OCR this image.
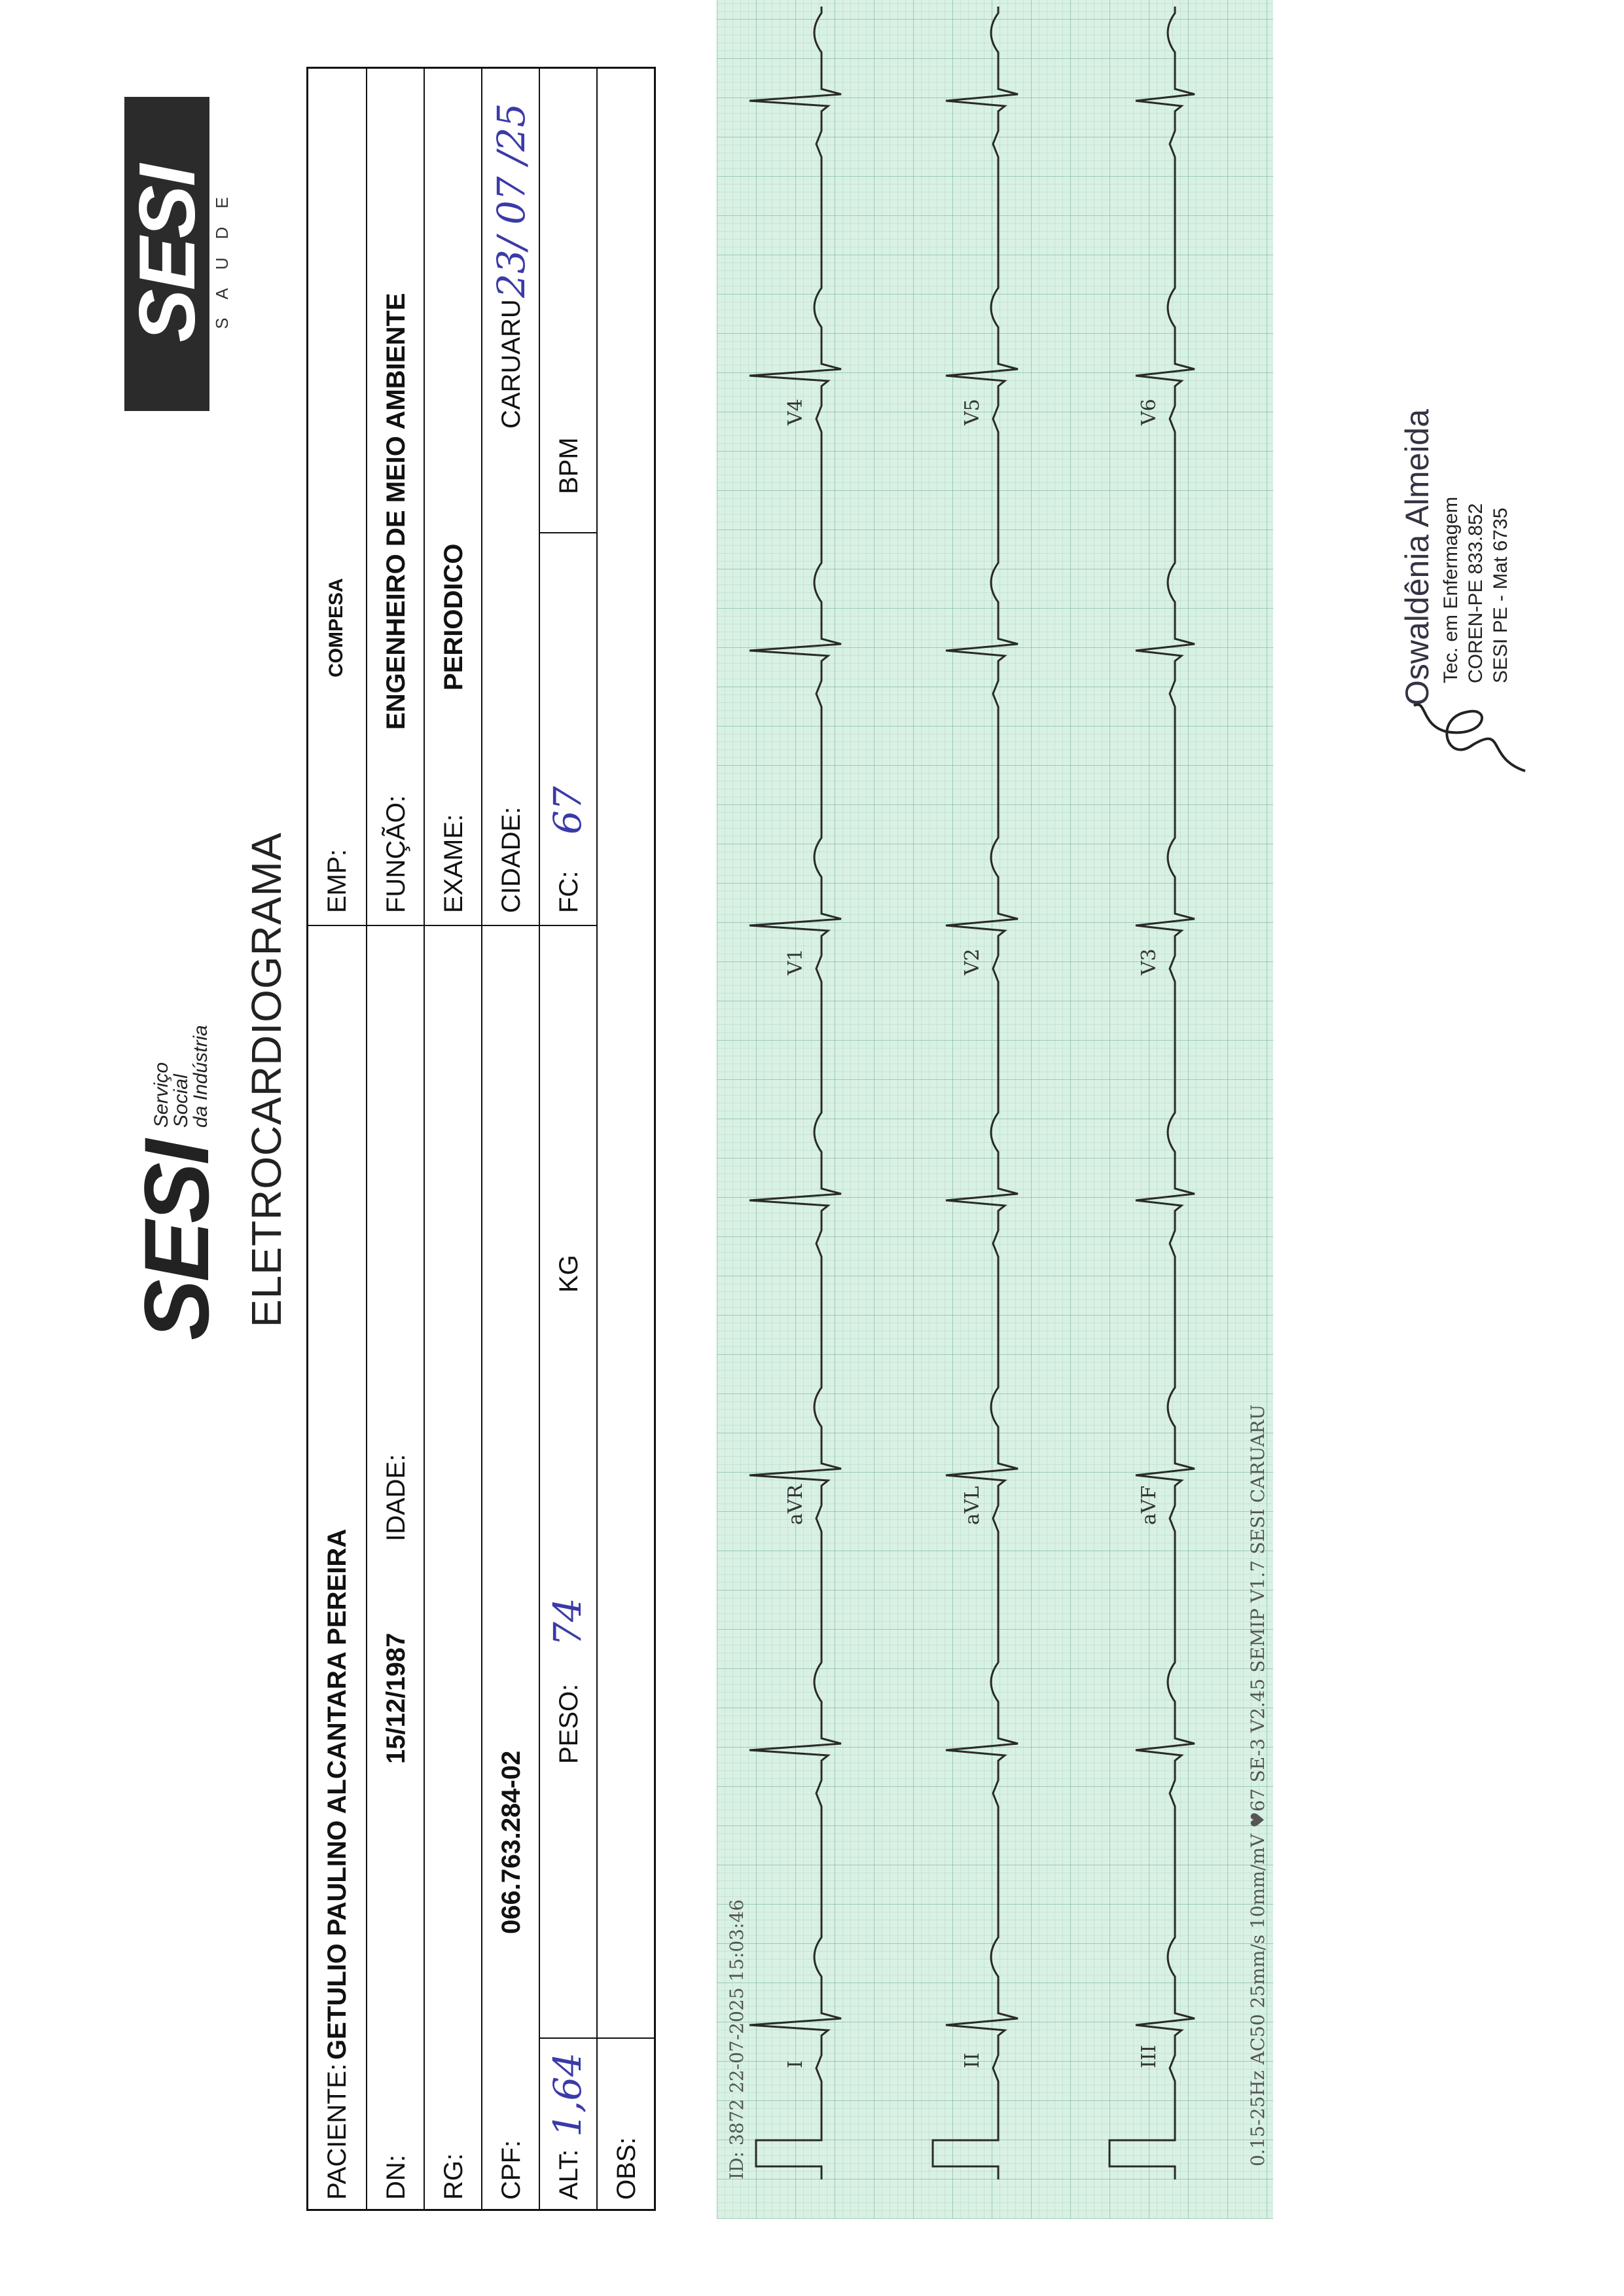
SESI
Serviço
Social
da Indústria
SESI SAUDE
ELETROCARDIOGRAMA
PACIENTE:
GETULIO PAULINO ALCANTARA PEREIRA
EMP:
COMPESA
DN:
15/12/1987
IDADE:
FUNÇÃO:
ENGENHEIRO DE MEIO AMBIENTE
RG:
EXAME:
PERIODICO
CPF:
066.763.284-02
CIDADE:
CARUARU
23/ 07 /25
ALT:
1,64
PESO:
74
KG
FC:
67
BPM
OBS:	ID: 3872 22-07-2025 15:03:46	0.15-25Hz AC50 25mm/s 10mm/mV ♥67 SE-3 V2.45 SEMIP V1.7 SESI CARUARU
I
aVR
V1
V4
II
aVL
V2
V5
III
aVF
V3
V6	Oswaldênia Almeida Tec. em Enfermagem COREN-PE 833.852 SESI PE - Mat 6735
